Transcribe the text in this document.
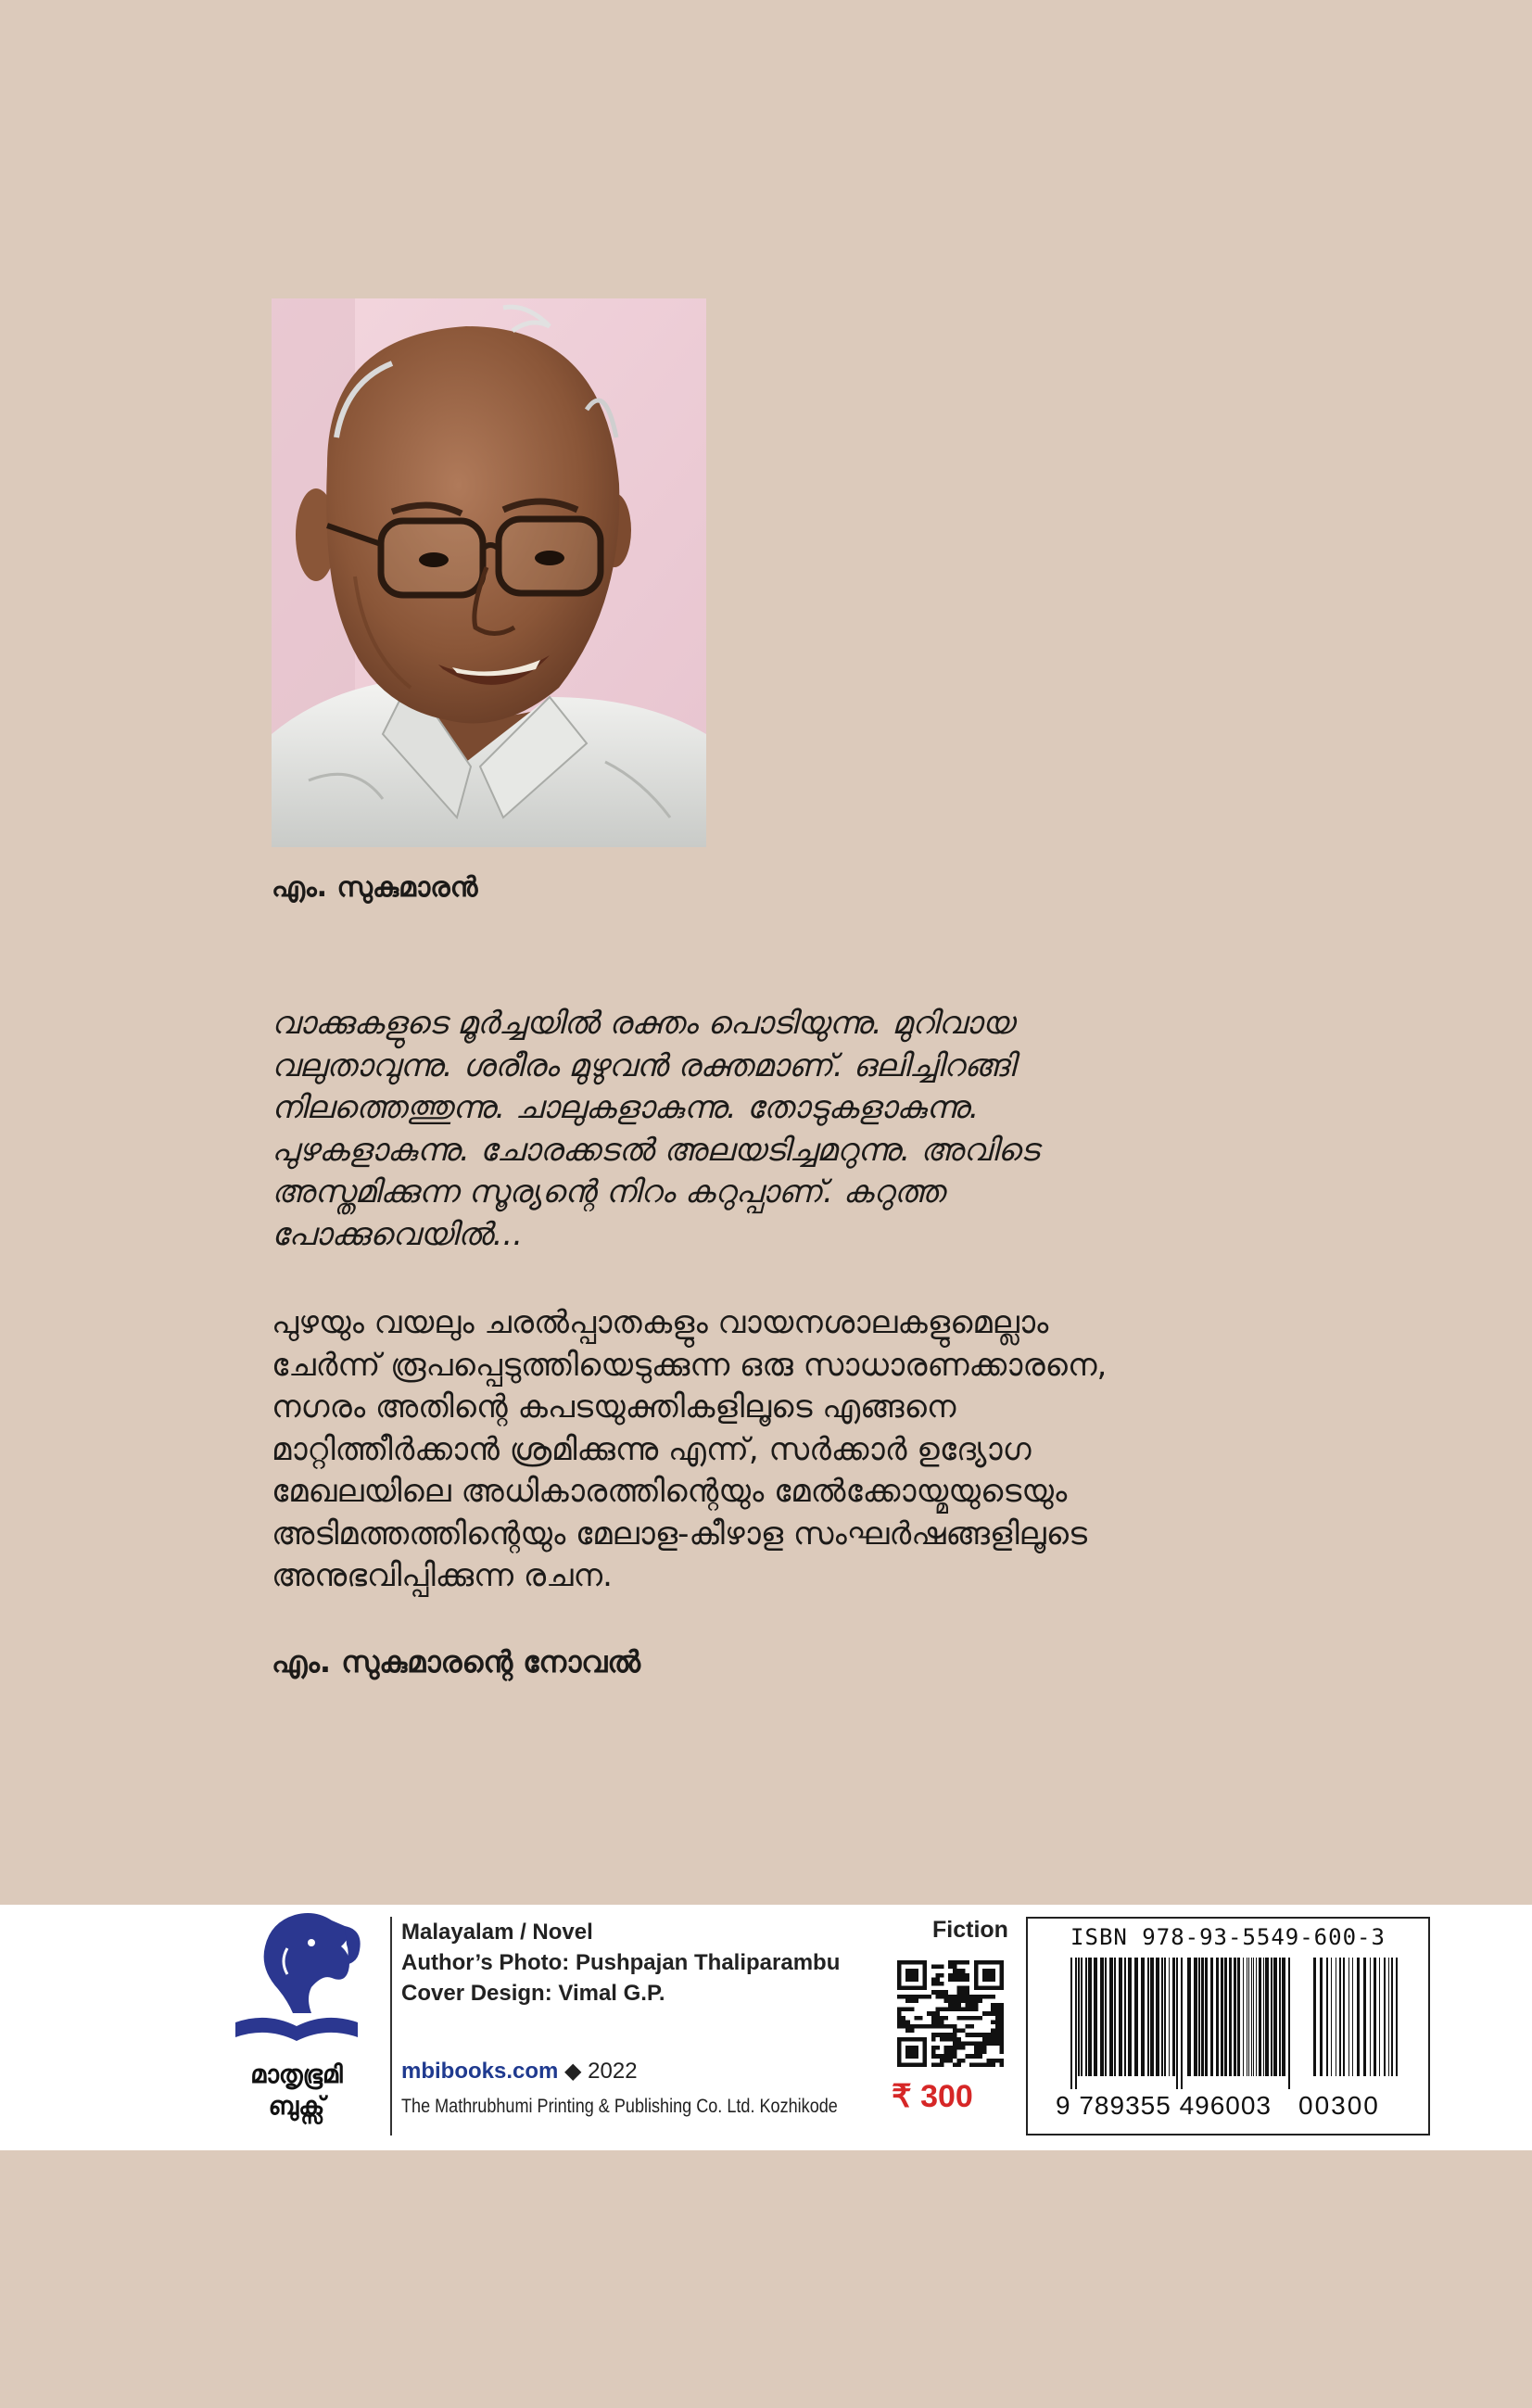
എം. സുകുമാരൻ
വാക്കുകളുടെ മൂർച്ചയിൽ രക്തം പൊടിയുന്നു. മുറിവായ
വലുതാവുന്നു. ശരീരം മുഴുവൻ രക്തമാണ്. ഒലിച്ചിറങ്ങി
നിലത്തെത്തുന്നു. ചാലുകളാകുന്നു. തോടുകളാകുന്നു.
പുഴകളാകുന്നു. ചോരക്കടൽ അലയടിച്ചമറുന്നു. അവിടെ
അസ്തമിക്കുന്ന സൂര്യന്റെ നിറം കറുപ്പാണ്. കറുത്ത
പോക്കുവെയിൽ...
പുഴയും വയലും ചരൽപ്പാതകളും വായനശാലകളുമെല്ലാം
ചേർന്ന് രൂപപ്പെടുത്തിയെടുക്കുന്ന ഒരു സാധാരണക്കാരനെ,
നഗരം അതിന്റെ കപടയുക്തികളിലൂടെ എങ്ങനെ
മാറ്റിത്തീർക്കാൻ ശ്രമിക്കുന്നു എന്ന്, സർക്കാർ ഉദ്യോഗ
മേഖലയിലെ അധികാരത്തിന്റെയും മേൽക്കോയ്മയുടെയും
അടിമത്തത്തിന്റെയും മേലാള-കീഴാള സംഘർഷങ്ങളിലൂടെ
അനുഭവിപ്പിക്കുന്ന രചന.
എം. സുകുമാരന്റെ നോവൽ
മാതൃഭൂമി
ബുക്സ്
Malayalam / Novel
Author’s Photo: Pushpajan Thaliparambu
Cover Design: Vimal G.P.
mbibooks.com ◆ 2022
The Mathrubhumi Printing & Publishing Co. Ltd. Kozhikode
Fiction
₹ 300
ISBN 978-93-5549-600-3
9 789355 496003 00300
